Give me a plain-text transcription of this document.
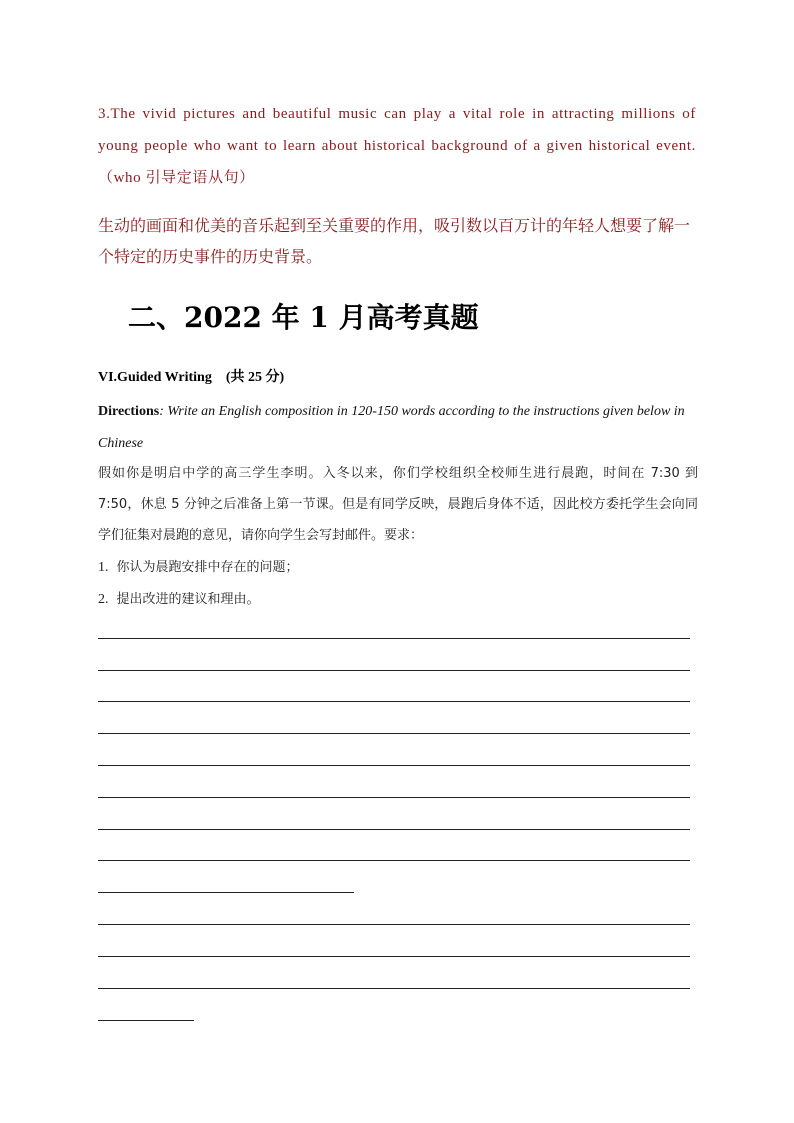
3.The vivid pictures and beautiful music can play a vital role in attracting millions of young people who want to learn about historical background of a given historical event. （who 引导定语从句）
生动的画面和优美的音乐起到至关重要的作用，吸引数以百万计的年轻人想要了解一个特定的历史事件的历史背景。
二、2022 年 1 月高考真题
VI.Guided Writing　(共 25 分)
Directions: Write an English composition in 120-150 words according to the instructions given below in Chinese
假如你是明启中学的高三学生李明。入冬以来，你们学校组织全校师生进行晨跑，时间在 7:30 到 7:50，休息 5 分钟之后准备上第一节课。但是有同学反映，晨跑后身体不适，因此校方委托学生会向同学们征集对晨跑的意见，请你向学生会写封邮件。要求：
1. 你认为晨跑安排中存在的问题；
2. 提出改进的建议和理由。
